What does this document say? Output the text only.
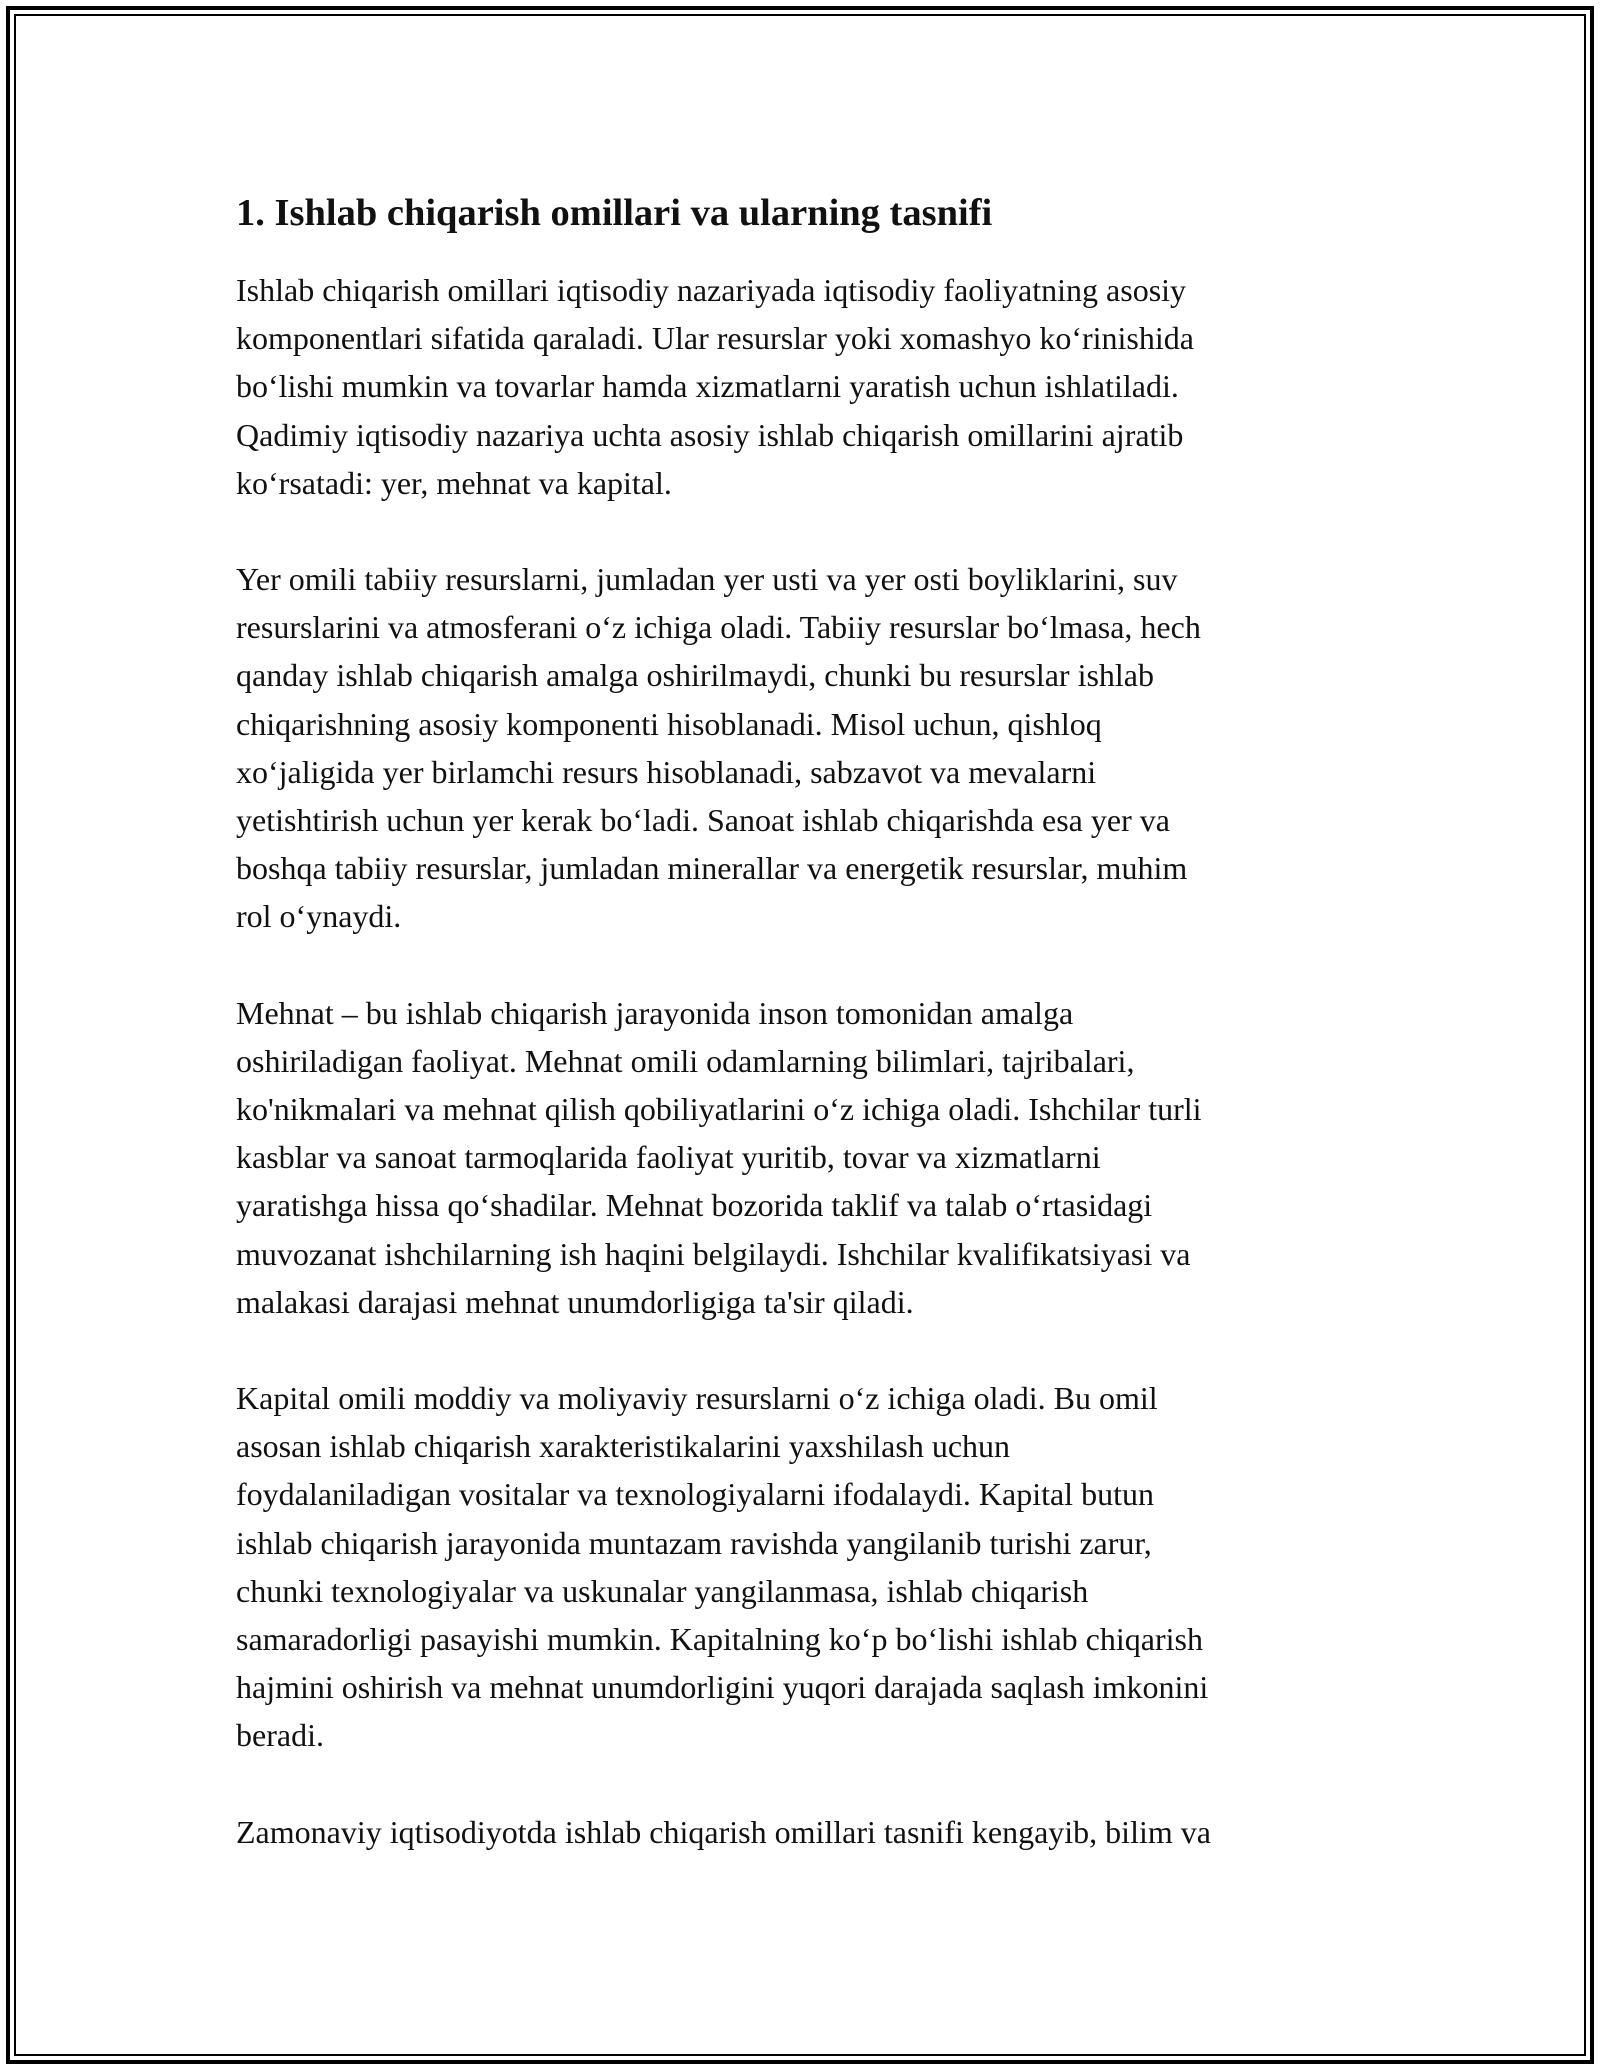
1. Ishlab chiqarish omillari va ularning tasnifi

Ishlab chiqarish omillari iqtisodiy nazariyada iqtisodiy faoliyatning asosiy
komponentlari sifatida qaraladi. Ular resurslar yoki xomashyo ko‘rinishida
bo‘lishi mumkin va tovarlar hamda xizmatlarni yaratish uchun ishlatiladi.
Qadimiy iqtisodiy nazariya uchta asosiy ishlab chiqarish omillarini ajratib
ko‘rsatadi: yer, mehnat va kapital.

Yer omili tabiiy resurslarni, jumladan yer usti va yer osti boyliklarini, suv
resurslarini va atmosferani o‘z ichiga oladi. Tabiiy resurslar bo‘lmasa, hech
qanday ishlab chiqarish amalga oshirilmaydi, chunki bu resurslar ishlab
chiqarishning asosiy komponenti hisoblanadi. Misol uchun, qishloq
xo‘jaligida yer birlamchi resurs hisoblanadi, sabzavot va mevalarni
yetishtirish uchun yer kerak bo‘ladi. Sanoat ishlab chiqarishda esa yer va
boshqa tabiiy resurslar, jumladan minerallar va energetik resurslar, muhim
rol o‘ynaydi.

Mehnat – bu ishlab chiqarish jarayonida inson tomonidan amalga
oshiriladigan faoliyat. Mehnat omili odamlarning bilimlari, tajribalari,
ko'nikmalari va mehnat qilish qobiliyatlarini o‘z ichiga oladi. Ishchilar turli
kasblar va sanoat tarmoqlarida faoliyat yuritib, tovar va xizmatlarni
yaratishga hissa qo‘shadilar. Mehnat bozorida taklif va talab o‘rtasidagi
muvozanat ishchilarning ish haqini belgilaydi. Ishchilar kvalifikatsiyasi va
malakasi darajasi mehnat unumdorligiga ta'sir qiladi.

Kapital omili moddiy va moliyaviy resurslarni o‘z ichiga oladi. Bu omil
asosan ishlab chiqarish xarakteristikalarini yaxshilash uchun
foydalaniladigan vositalar va texnologiyalarni ifodalaydi. Kapital butun
ishlab chiqarish jarayonida muntazam ravishda yangilanib turishi zarur,
chunki texnologiyalar va uskunalar yangilanmasa, ishlab chiqarish
samaradorligi pasayishi mumkin. Kapitalning ko‘p bo‘lishi ishlab chiqarish
hajmini oshirish va mehnat unumdorligini yuqori darajada saqlash imkonini
beradi.

Zamonaviy iqtisodiyotda ishlab chiqarish omillari tasnifi kengayib, bilim va
